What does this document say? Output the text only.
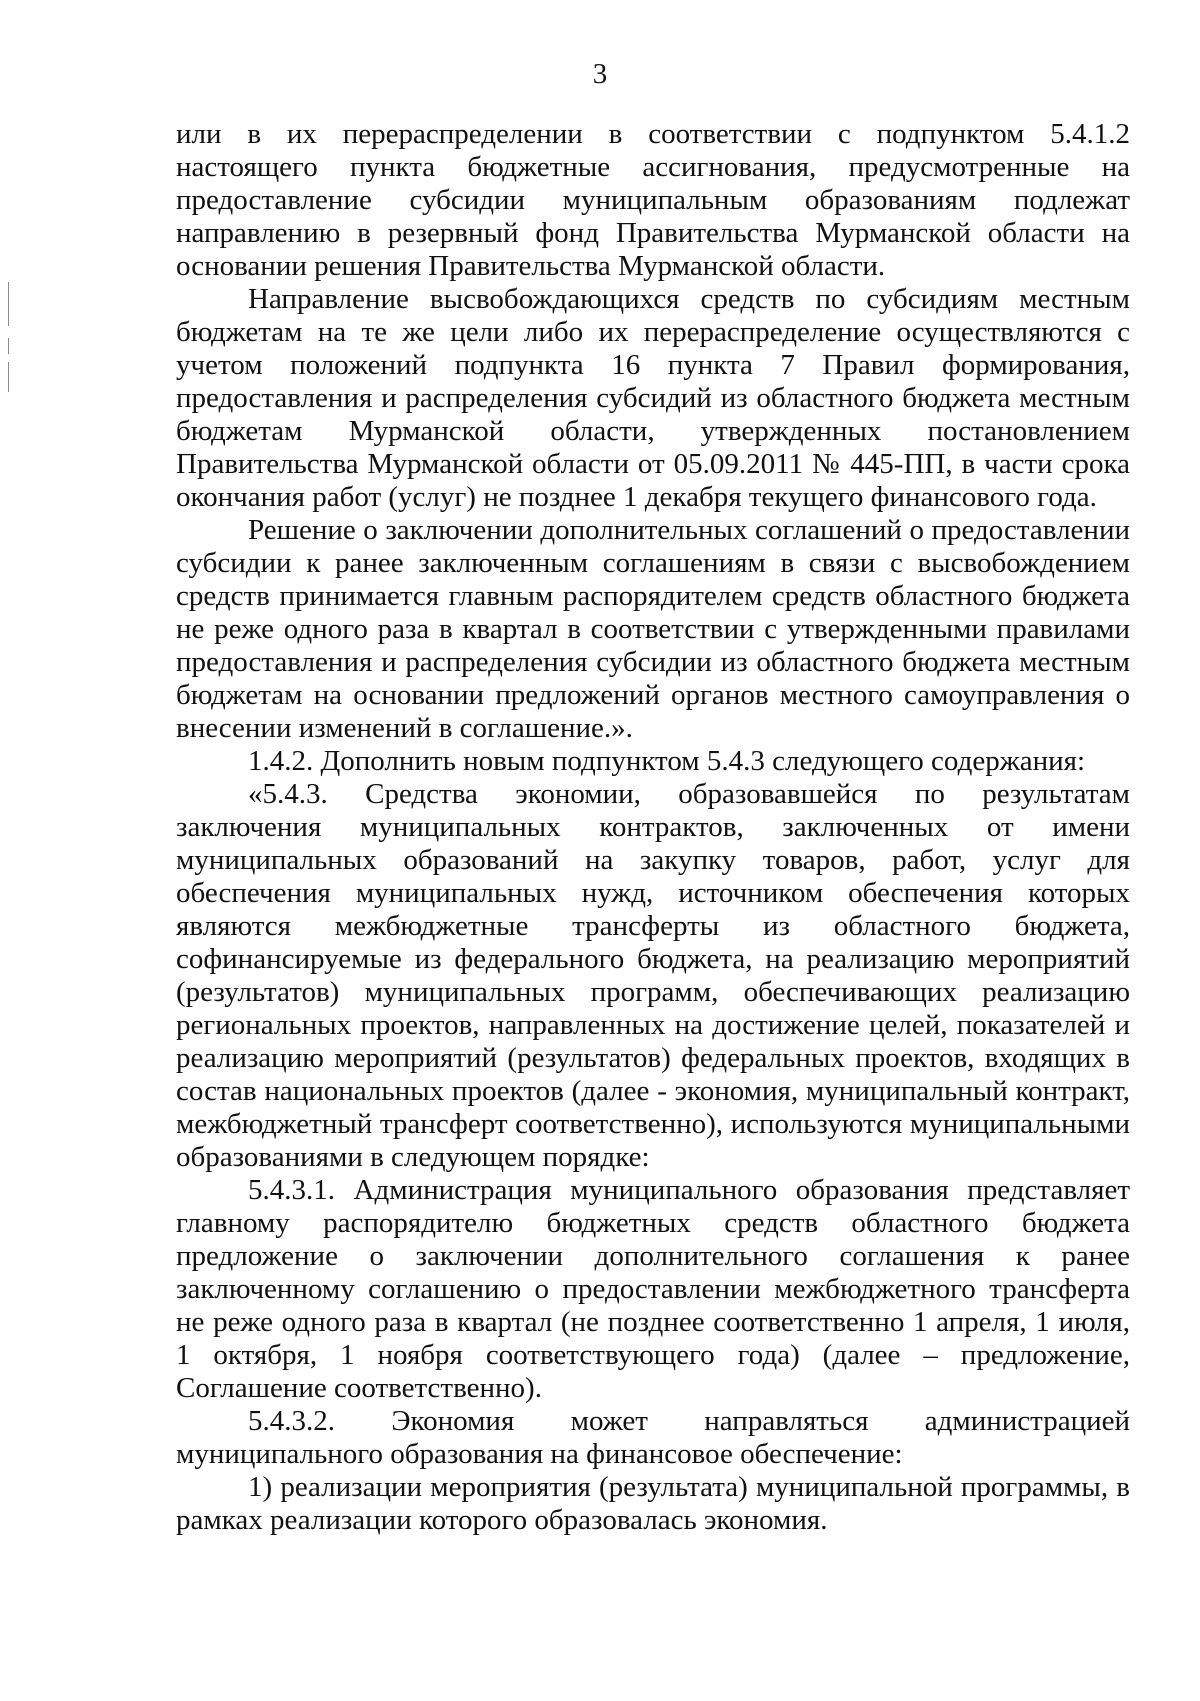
3

или в их перераспределении в соответствии с подпунктом 5.4.1.2 настоящего пункта бюджетные ассигнования, предусмотренные на предоставление субсидии муниципальным образованиям подлежат направлению в резервный фонд Правительства Мурманской области на основании решения Правительства Мурманской области.

Направление высвобождающихся средств по субсидиям местным бюджетам на те же цели либо их перераспределение осуществляются с учетом положений подпункта 16 пункта 7 Правил формирования, предоставления и распределения субсидий из областного бюджета местным бюджетам Мурманской области, утвержденных постановлением Правительства Мурманской области от 05.09.2011 № 445-ПП, в части срока окончания работ (услуг) не позднее 1 декабря текущего финансового года.

Решение о заключении дополнительных соглашений о предоставлении субсидии к ранее заключенным соглашениям в связи с высвобождением средств принимается главным распорядителем средств областного бюджета не реже одного раза в квартал в соответствии с утвержденными правилами предоставления и распределения субсидии из областного бюджета местным бюджетам на основании предложений органов местного самоуправления о внесении изменений в соглашение.».

1.4.2. Дополнить новым подпунктом 5.4.3 следующего содержания:

«5.4.3. Средства экономии, образовавшейся по результатам заключения муниципальных контрактов, заключенных от имени муниципальных образований на закупку товаров, работ, услуг для обеспечения муниципальных нужд, источником обеспечения которых являются межбюджетные трансферты из областного бюджета, софинансируемые из федерального бюджета, на реализацию мероприятий (результатов) муниципальных программ, обеспечивающих реализацию региональных проектов, направленных на достижение целей, показателей и реализацию мероприятий (результатов) федеральных проектов, входящих в состав национальных проектов (далее - экономия, муниципальный контракт, межбюджетный трансферт соответственно), используются муниципальными образованиями в следующем порядке:

5.4.3.1. Администрация муниципального образования представляет главному распорядителю бюджетных средств областного бюджета предложение о заключении дополнительного соглашения к ранее заключенному соглашению о предоставлении межбюджетного трансферта не реже одного раза в квартал (не позднее соответственно 1 апреля, 1 июля, 1 октября, 1 ноября соответствующего года) (далее – предложение, Соглашение соответственно).

5.4.3.2. Экономия может направляться администрацией муниципального образования на финансовое обеспечение:

1) реализации мероприятия (результата) муниципальной программы, в рамках реализации которого образовалась экономия.
